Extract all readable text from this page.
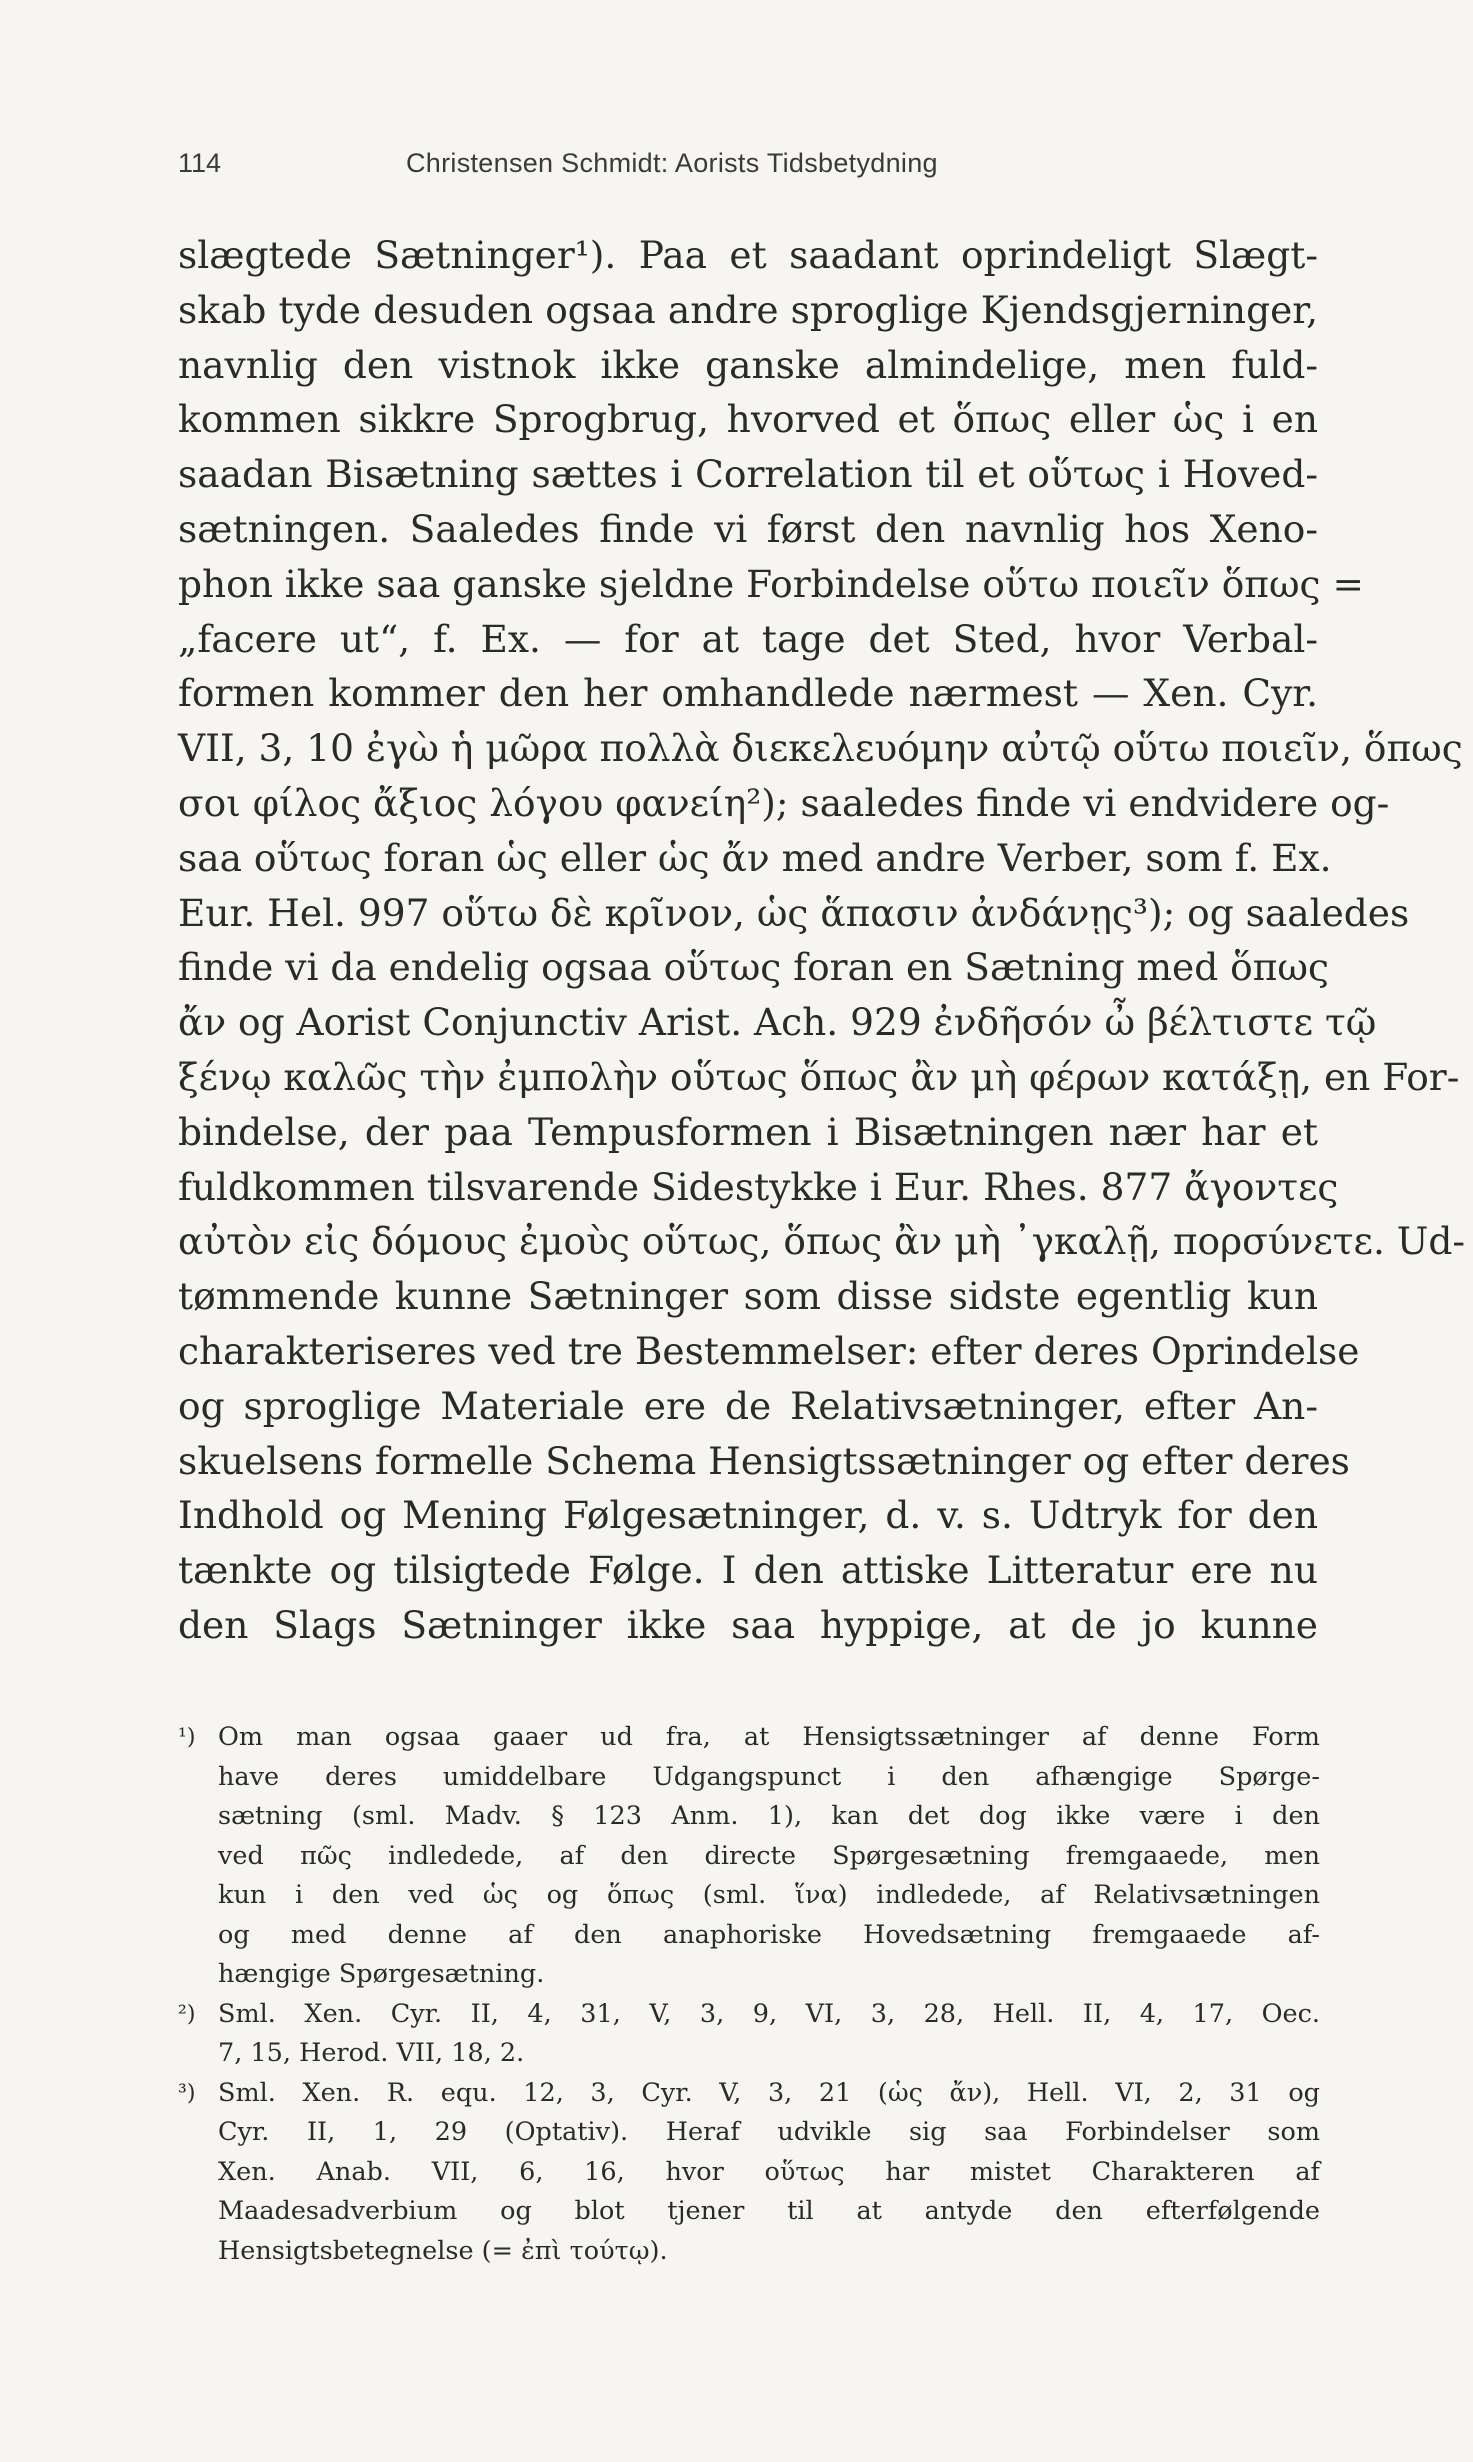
114	Christensen Schmidt: Aorists Tidsbetydning
slægtede Sætninger¹). Paa et saadant oprindeligt Slægt-
skab tyde desuden ogsaa andre sproglige Kjendsgjerninger,
navnlig den vistnok ikke ganske almindelige, men fuld-
kommen sikkre Sprogbrug, hvorved et ὅπως eller ὡς i en
saadan Bisætning sættes i Correlation til et οὕτως i Hoved-
sætningen. Saaledes finde vi først den navnlig hos Xeno-
phon ikke saa ganske sjeldne Forbindelse οὕτω ποιεῖν ὅπως =
„facere ut“, f. Ex. — for at tage det Sted, hvor Verbal-
formen kommer den her omhandlede nærmest — Xen. Cyr.
VII, 3, 10 ἐγὼ ἡ μῶρα πολλὰ διεκελευόμην αὐτῷ οὕτω ποιεῖν, ὅπως
σοι φίλος ἄξιος λόγου φανείη²); saaledes finde vi endvidere og-
saa οὕτως foran ὡς eller ὡς ἄν med andre Verber, som f. Ex.
Eur. Hel. 997 οὕτω δὲ κρῖνον, ὡς ἅπασιν ἀνδάνῃς³); og saaledes
finde vi da endelig ogsaa οὕτως foran en Sætning med ὅπως
ἄν og Aorist Conjunctiv Arist. Ach. 929 ἐνδῆσόν ὦ βέλτιστε τῷ
ξένῳ καλῶς τὴν ἐμπολὴν οὕτως ὅπως ἂν μὴ φέρων κατάξῃ, en For-
bindelse, der paa Tempusformen i Bisætningen nær har et
fuldkommen tilsvarende Sidestykke i Eur. Rhes. 877 ἄγοντες
αὐτὸν εἰς δόμους ἐμοὺς οὕτως, ὅπως ἂν μὴ ᾿γκαλῇ, πορσύνετε. Ud-
tømmende kunne Sætninger som disse sidste egentlig kun
charakteriseres ved tre Bestemmelser: efter deres Oprindelse
og sproglige Materiale ere de Relativsætninger, efter An-
skuelsens formelle Schema Hensigtssætninger og efter deres
Indhold og Mening Følgesætninger, d. v. s. Udtryk for den
tænkte og tilsigtede Følge. I den attiske Litteratur ere nu
den Slags Sætninger ikke saa hyppige, at de jo kunne
¹) Om man ogsaa gaaer ud fra, at Hensigtssætninger af denne Form
have deres umiddelbare Udgangspunct i den afhængige Spørge-
sætning (sml. Madv. § 123 Anm. 1), kan det dog ikke være i den
ved πῶς indledede, af den directe Spørgesætning fremgaaede, men
kun i den ved ὡς og ὅπως (sml. ἵνα) indledede, af Relativsætningen
og med denne af den anaphoriske Hovedsætning fremgaaede af-
hængige Spørgesætning.
²) Sml. Xen. Cyr. II, 4, 31, V, 3, 9, VI, 3, 28, Hell. II, 4, 17, Oec.
7, 15, Herod. VII, 18, 2.
³) Sml. Xen. R. equ. 12, 3, Cyr. V, 3, 21 (ὡς ἄν), Hell. VI, 2, 31 og
Cyr. II, 1, 29 (Optativ). Heraf udvikle sig saa Forbindelser som
Xen. Anab. VII, 6, 16, hvor οὕτως har mistet Charakteren af
Maadesadverbium og blot tjener til at antyde den efterfølgende
Hensigtsbetegnelse (= ἐπὶ τούτῳ).
